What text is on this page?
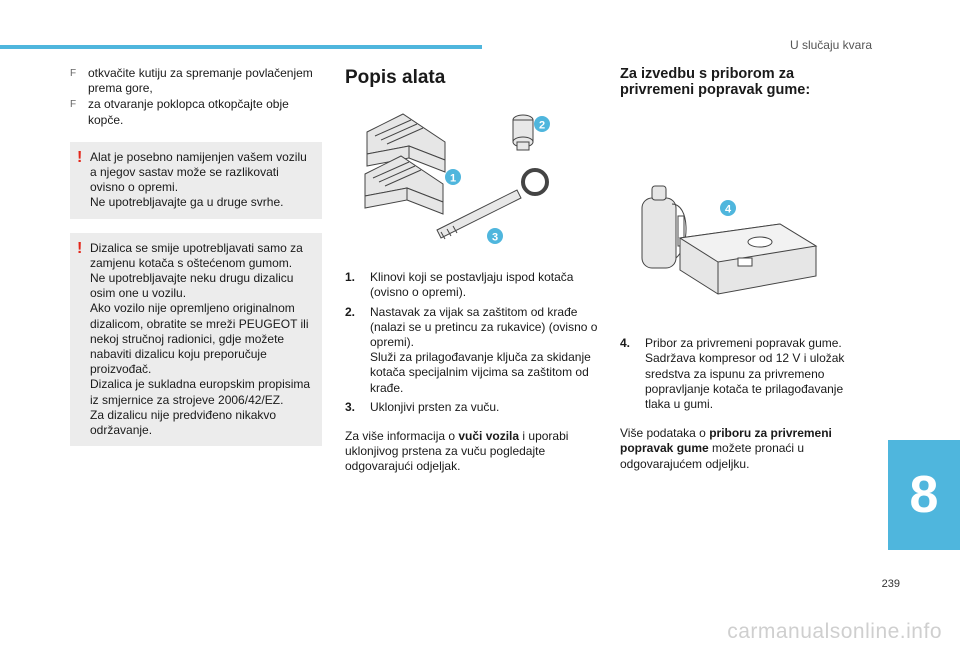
U slučaju kvara
8
239
carmanualsonline.info
F otkvačite kutiju za spremanje povlačenjem prema gore,
F za otvaranje poklopca otkopčajte obje kopče.
! Alat je posebno namijenjen vašem vozilu a njegov sastav može se razlikovati ovisno o opremi.

Ne upotrebljavajte ga u druge svrhe.

! Dizalica se smije upotrebljavati samo za zamjenu kotača s oštećenom gumom.

Ne upotrebljavajte neku drugu dizalicu osim one u vozilu.

Ako vozilo nije opremljeno originalnom dizalicom, obratite se mreži PEUGEOT ili nekoj stručnoj radionici, gdje možete nabaviti dizalicu koju preporučuje proizvođač.

Dizalica je sukladna europskim propisima iz smjernice za strojeve 2006/42/EZ.

Za dizalicu nije predviđeno nikakvo održavanje.

Popis alata
1
2
3
1.	Klinovi koji se postavljaju ispod kotača (ovisno o opremi).

2.	Nastavak za vijak sa zaštitom od krađe (nalazi se u pretincu za rukavice) (ovisno o opremi).

Služi za prilagođavanje ključa za skidanje kotača specijalnim vijcima sa zaštitom od krađe.

3.	Uklonjivi prsten za vuču.

Za više informacija o vuči vozila i uporabi uklonjivog prstena za vuču pogledajte odgovarajući odjeljak.
Za izvedbu s priborom za privremeni popravak gume:
4
4.	Pribor za privremeni popravak gume. Sadržava kompresor od 12 V i uložak sredstva za ispunu za privremeno popravljanje kotača te prilagođavanje tlaka u gumi.

Više podataka o priboru za privremeni popravak gume možete pronaći u odgovarajućem odjeljku.
